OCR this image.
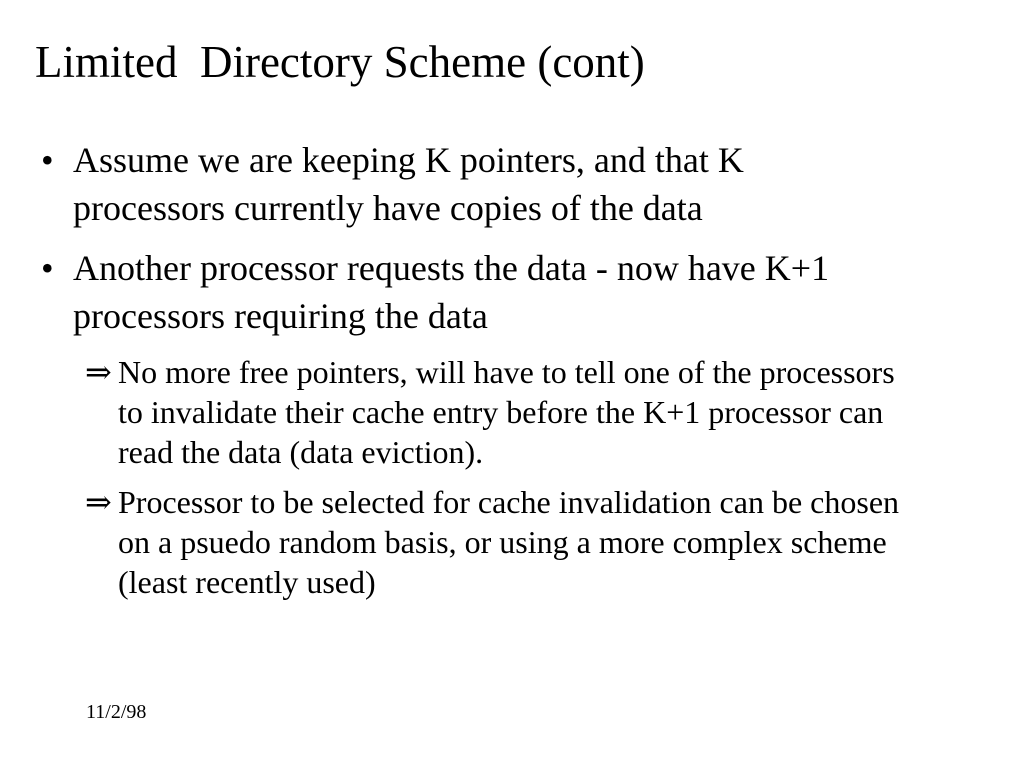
Limited  Directory Scheme (cont)
• Assume we are keeping K pointers, and that K processors currently have copies of the data
• Another processor requests the data - now have K+1 processors requiring the data
⇒ No more free pointers, will have to tell one of the processors to invalidate their cache entry before the K+1 processor can read the data (data eviction).
⇒ Processor to be selected for cache invalidation can be chosen on a psuedo random basis, or using a more complex scheme (least recently used)
11/2/98
